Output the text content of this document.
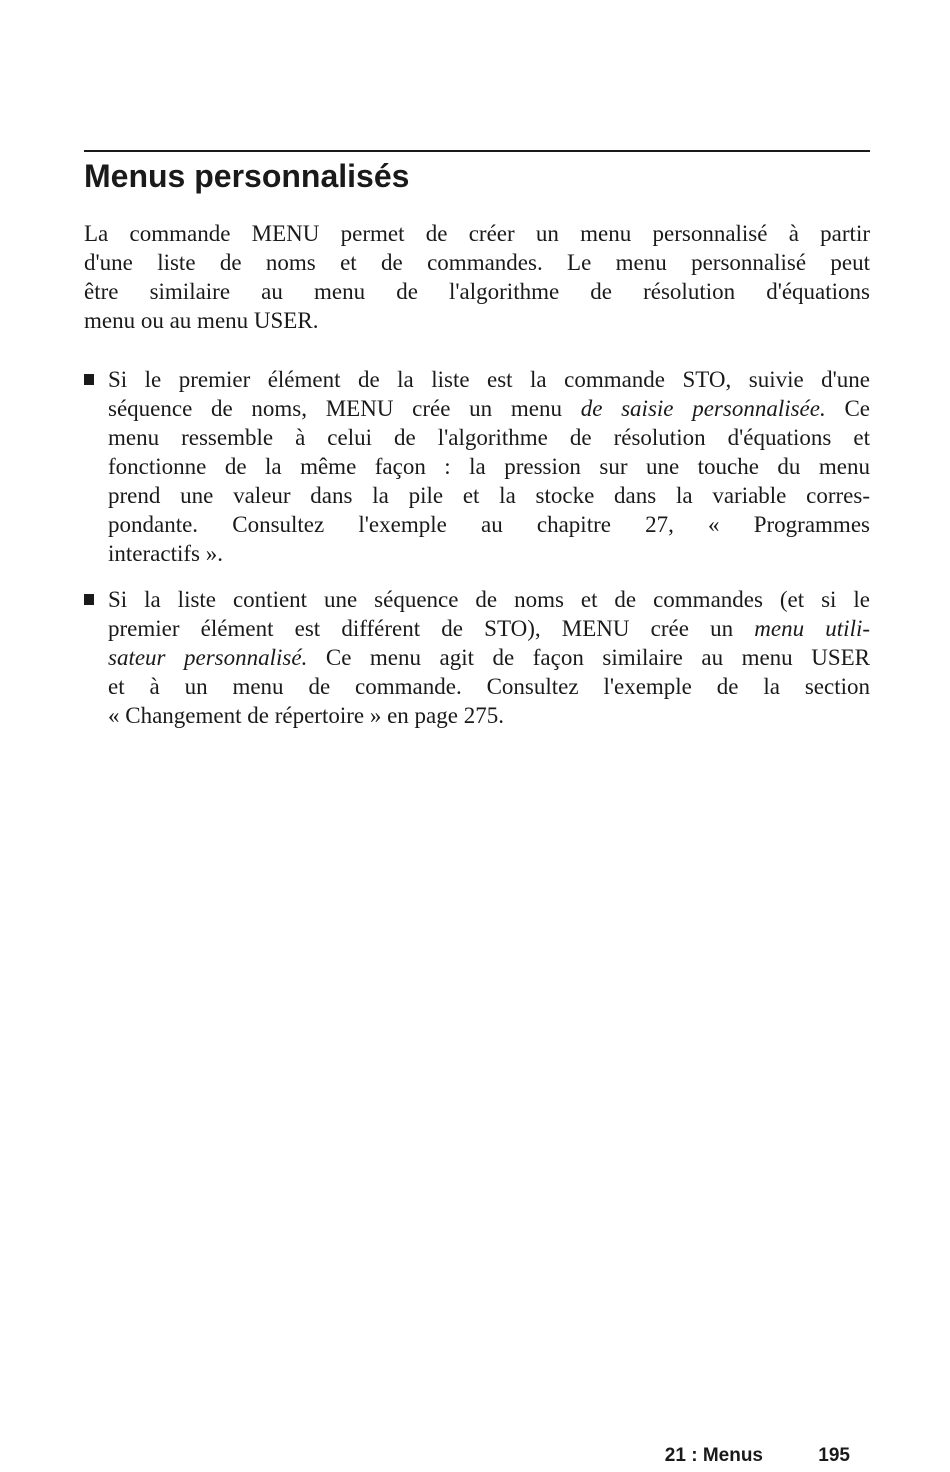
Menus personnalisés

La commande MENU permet de créer un menu personnalisé à partir
d'une liste de noms et de commandes. Le menu personnalisé peut
être similaire au menu de l'algorithme de résolution d'équations
menu ou au menu USER.

Si le premier élément de la liste est la commande STO, suivie d'une
séquence de noms, MENU crée un menu de saisie personnalisée. Ce
menu ressemble à celui de l'algorithme de résolution d'équations et
fonctionne de la même façon : la pression sur une touche du menu
prend une valeur dans la pile et la stocke dans la variable corres-
pondante. Consultez l'exemple au chapitre 27, « Programmes
interactifs ».
Si la liste contient une séquence de noms et de commandes (et si le
premier élément est différent de STO), MENU crée un menu utili-
sateur personnalisé. Ce menu agit de façon similaire au menu USER
et à un menu de commande. Consultez l'exemple de la section
« Changement de répertoire » en page 275.
21 : Menus	195
